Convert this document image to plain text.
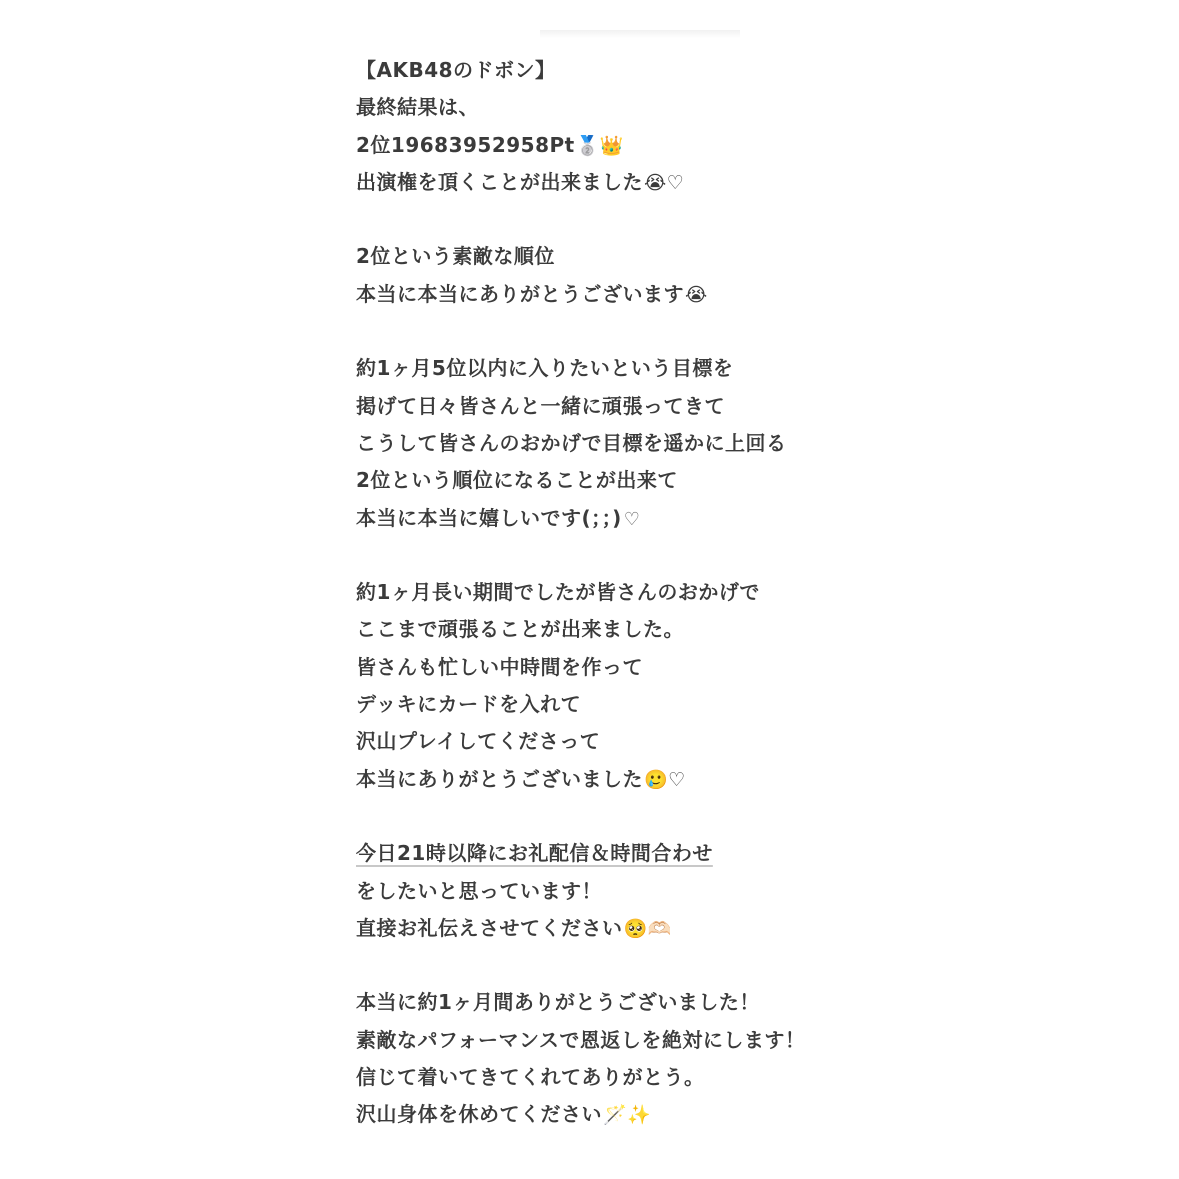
【AKB48のドボン】
最終結果は、
2位19683952958Pt🥈👑
出演権を頂くことが出来ました😭♡
2位という素敵な順位
本当に本当にありがとうございます😭
約1ヶ月5位以内に入りたいという目標を
掲げて日々皆さんと一緒に頑張ってきて
こうして皆さんのおかげで目標を遥かに上回る
2位という順位になることが出来て
本当に本当に嬉しいです(；；) ♡
約1ヶ月長い期間でしたが皆さんのおかげで
ここまで頑張ることが出来ました。
皆さんも忙しい中時間を作って
デッキにカードを入れて
沢山プレイしてくださって
本当にありがとうございました🥲♡
今日21時以降にお礼配信＆時間合わせ
をしたいと思っています！
直接お礼伝えさせてください🥺🫶🏻
本当に約1ヶ月間ありがとうございました！
素敵なパフォーマンスで恩返しを絶対にします！
信じて着いてきてくれてありがとう。
沢山身体を休めてください🪄✨
